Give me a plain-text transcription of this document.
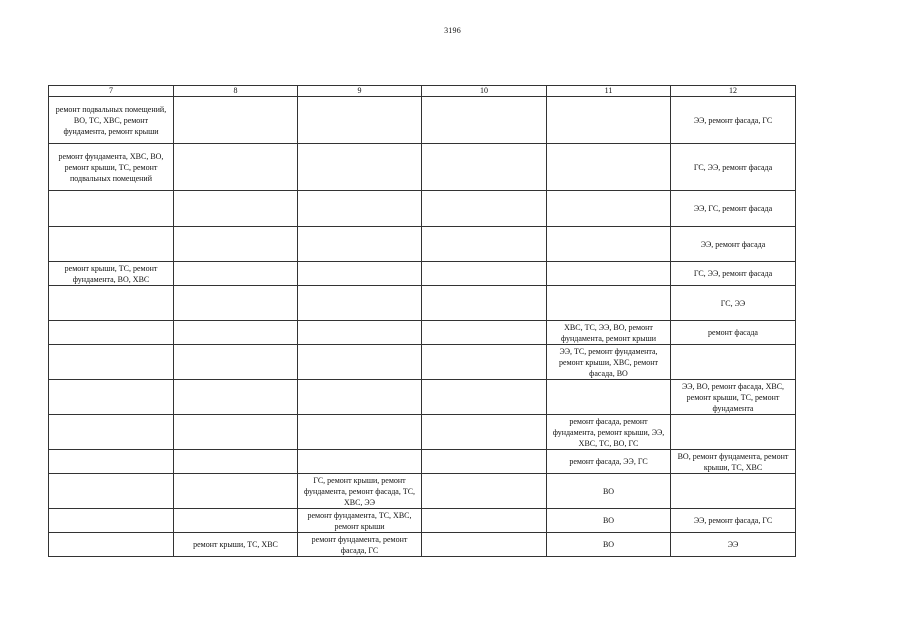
3196
7	8	9	10	11	12
ремонт подвальных помещений, ВО, ТС, ХВС, ремонт фундамента, ремонт крыши					ЭЭ, ремонт фасада, ГС
ремонт фундамента, ХВС, ВО, ремонт крыши, ТС, ремонт подвальных помещений					ГС, ЭЭ, ремонт фасада
					ЭЭ, ГС, ремонт фасада
					ЭЭ, ремонт фасада
ремонт крыши, ТС, ремонт фундамента, ВО, ХВС					ГС, ЭЭ, ремонт фасада
					ГС, ЭЭ
				ХВС, ТС, ЭЭ, ВО, ремонт фундамента, ремонт крыши	ремонт фасада
				ЭЭ, ТС, ремонт фундамента, ремонт крыши, ХВС, ремонт фасада, ВО	
					ЭЭ, ВО, ремонт фасада, ХВС, ремонт крыши, ТС, ремонт фундамента
				ремонт фасада, ремонт фундамента, ремонт крыши, ЭЭ, ХВС, ТС, ВО, ГС	
				ремонт фасада, ЭЭ, ГС	ВО, ремонт фундамента, ремонт крыши, ТС, ХВС
		ГС, ремонт крыши, ремонт фундамента, ремонт фасада, ТС, ХВС, ЭЭ		ВО	
		ремонт фундамента, ТС, ХВС, ремонт крыши		ВО	ЭЭ, ремонт фасада, ГС
	ремонт крыши, ТС, ХВС	ремонт фундамента, ремонт фасада, ГС		ВО	ЭЭ
